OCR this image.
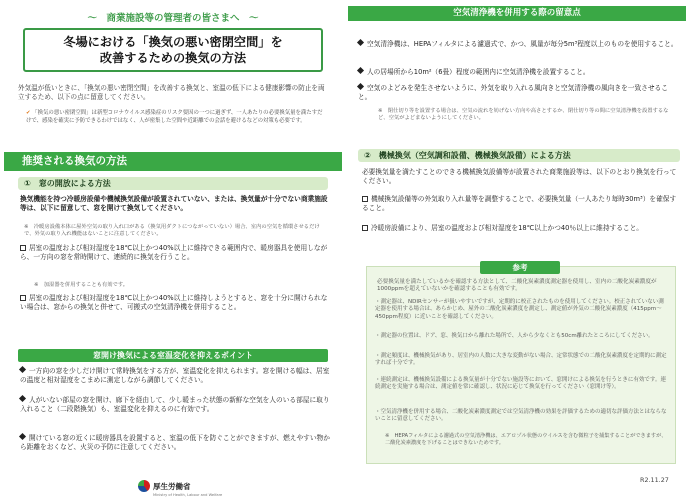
～　商業施設等の管理者の皆さまへ　～
冬場における「換気の悪い密閉空間」を
改善するための換気の方法
外気温が低いときに、「換気の悪い密閉空間」を改善する換気と、室温の低下による健康影響の防止を両立するため、以下の点に留意してください。
✔ 「換気の悪い密閉空間」は新型コロナウイルス感染症のリスク要因の一つに過ぎず、一人あたりの必要換気量を満たすだけで、感染を確実に予防できるわけではなく、人が密集した空間や近距離での会話を避けるなどの対策も必要です。
推奨される換気の方法
①　窓の開放による方法
換気機能を持つ冷暖房設備や機械換気設備が設置されていない、または、換気量が十分でない商業施設等は、以下に留意して、窓を開けて換気してください。
※　冷暖房設備本体に屋外空気の取り入れ口がある（換気用ダクトにつながっていない）場合、室内の空気を循環させるだけで、外気の取り入れ機能はないことに注意してください。
居室の温度および相対湿度を18℃以上かつ40%以上に維持できる範囲内で、暖房器具を使用しながら、一方向の窓を常時開けて、連続的に換気を行うこと。
※　加湿器を併用することも有効です。
居室の温度および相対湿度を18℃以上かつ40%以上に維持しようとすると、窓を十分に開けられない場合は、窓からの換気と併せて、可搬式の空気清浄機を併用すること。
窓開け換気による室温変化を抑えるポイント
一方向の窓を少しだけ開けて常時換気をする方が、室温変化を抑えられます。窓を開ける幅は、居室の温度と相対湿度をこまめに測定しながら調節してください。
人がいない部屋の窓を開け、廊下を経由して、少し暖まった状態の新鮮な空気を人のいる部屋に取り入れること（二段階換気）も、室温変化を抑えるのに有効です。
開けている窓の近くに暖房器具を設置すると、室温の低下を防ぐことができますが、燃えやすい物から距離をおくなど、火災の予防に注意してください。
厚生労働省
Ministry of Health, Labour and Welfare
空気清浄機を併用する際の留意点
空気清浄機は、HEPAフィルタによる濾過式で、かつ、風量が毎分5m³程度以上のものを使用すること。
人の居場所から10m²（6畳）程度の範囲内に空気清浄機を設置すること。
空気のよどみを発生させないように、外気を取り入れる風向きと空気清浄機の風向きを一致させること。
※　閉仕切り等を設置する場合は、空気の流れを妨げない方向や高さとするか、閉仕切り等の間に空気清浄機を設置するなど、空気がよどまないようにしてください。
②　機械換気（空気調和設備、機械換気設備）による方法
必要換気量を満たすことのできる機械換気設備等が設置された商業施設等は、以下のとおり換気を行ってください。
機械換気設備等の外気取り入れ量等を調整することで、必要換気量（一人あたり毎時30m³）を確保すること。
冷暖房設備により、居室の温度および相対湿度を18℃以上かつ40％以上に維持すること。
参考
必要換気量を満たしているかを確認する方法として、二酸化炭素濃度測定器を使用し、室内の二酸化炭素濃度が1000ppmを超えていないかを確認することも有効です。
・測定器は、NDIRセンサーが扱いやすいですが、定期的に校正されたものを使用してください。校正されていない測定器を使用する場合は、あらかじめ、屋外の二酸化炭素濃度を測定し、測定値が外気の二酸化炭素濃度（415ppm～450ppm程度）に近いことを確認してください。
・測定器の位置は、ドア、窓、換気口から離れた場所で、人から少なくとも50cm離れたところにしてください。
・測定頻度は、機械換気があり、居室内の人数に大きな変動がない場合、定常状態での二酸化炭素濃度を定期的に測定すれば十分です。
・連続測定は、機械換気設備による換気量が十分でない施設等において、窓開けによる換気を行うときに有効です。連続測定を実施する場合は、測定値を常に確認し、状況に応じて換気を行ってください（窓開け等）。
・空気清浄機を併用する場合、二酸化炭素濃度測定では空気清浄機の効果を評価するための適切な評価方法とはならないことに留意してください。
※　HEPAフィルタによる濾過式の空気清浄機は、エアロゾル状態のウイルスを含む微粒子を捕集することができますが、二酸化炭素濃度を下げることはできないためです。
R2.11.27
